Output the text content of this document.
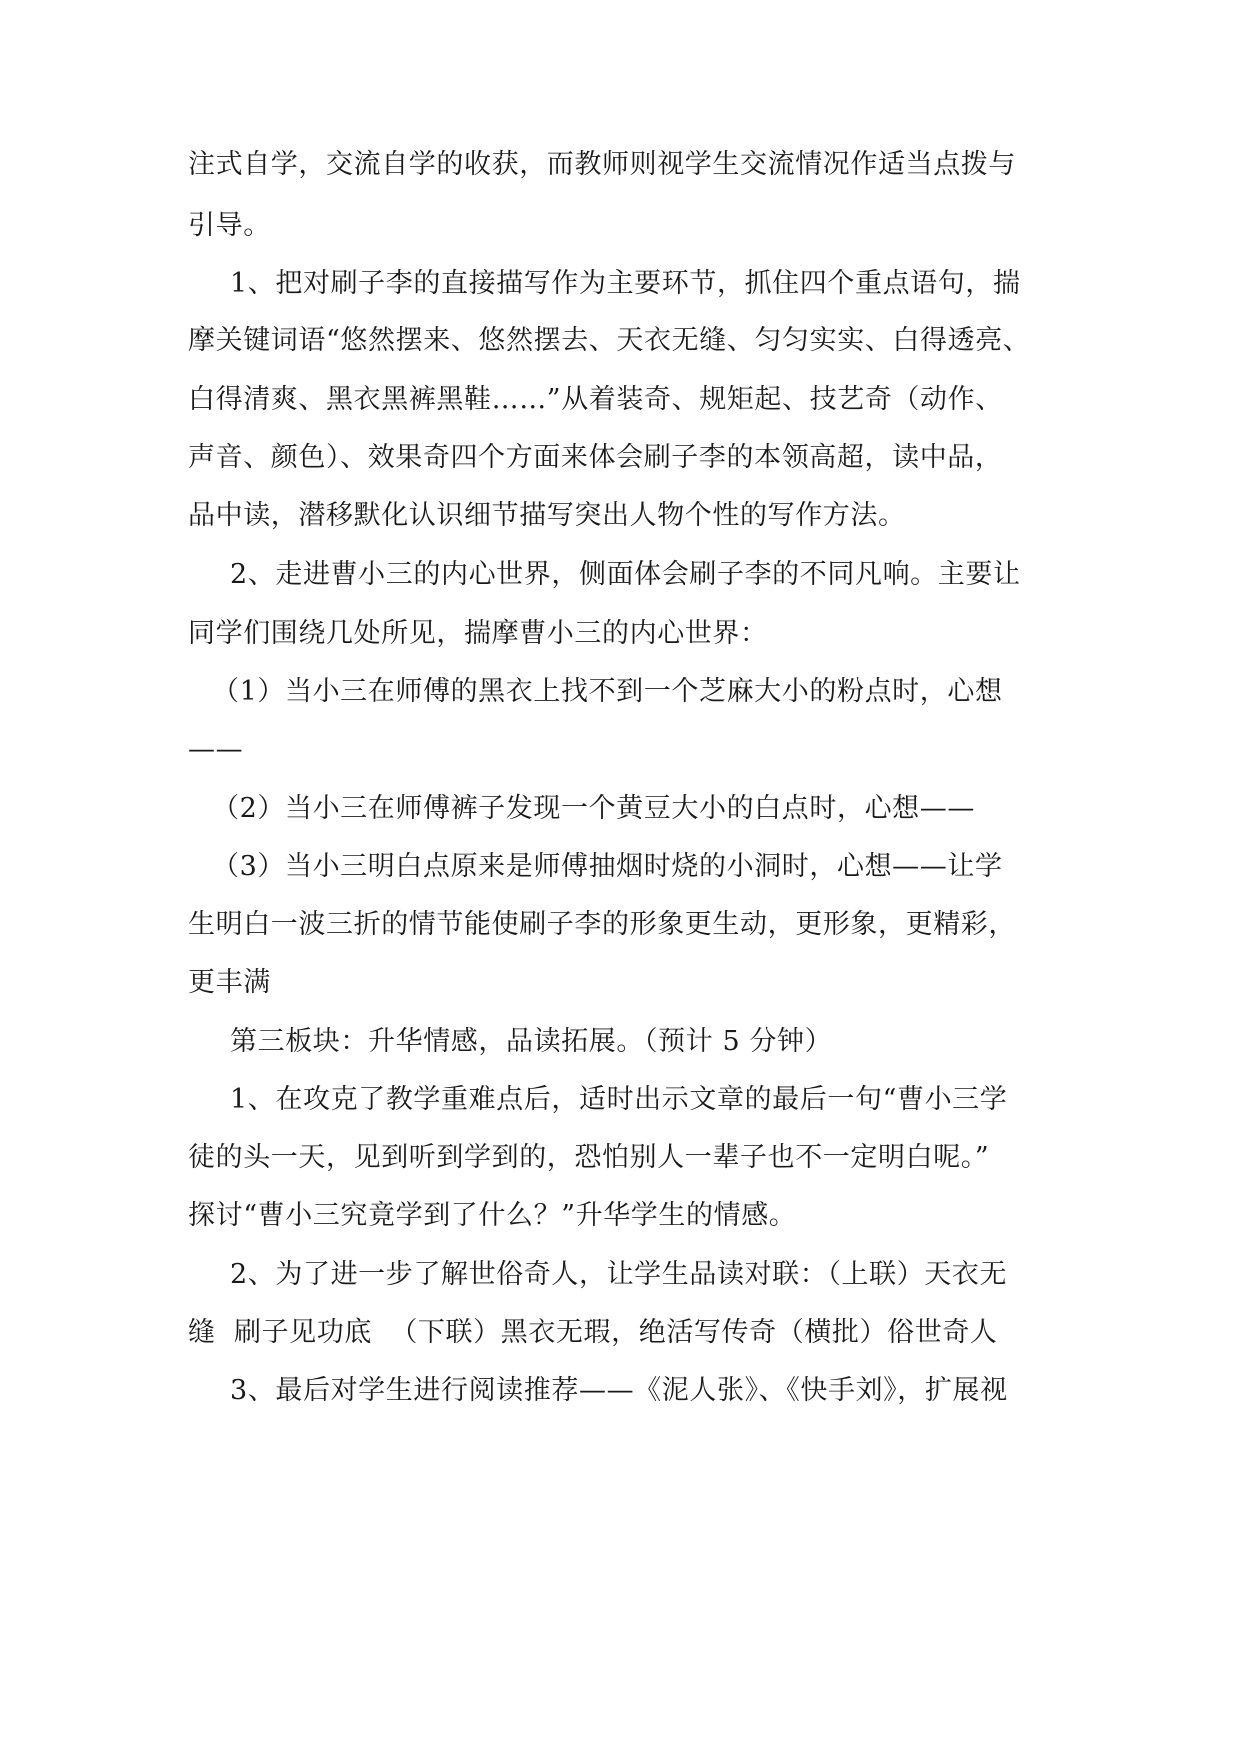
注式自学，交流自学的收获，而教师则视学生交流情况作适当点拨与
引导。
1、把对刷子李的直接描写作为主要环节，抓住四个重点语句，揣
摩关键词语“悠然摆来、悠然摆去、天衣无缝、匀匀实实、白得透亮、
白得清爽、黑衣黑裤黑鞋……”从着装奇、规矩起、技艺奇（动作、
声音、颜色）、效果奇四个方面来体会刷子李的本领高超，读中品，
品中读，潜移默化认识细节描写突出人物个性的写作方法。
2、走进曹小三的内心世界，侧面体会刷子李的不同凡响。主要让
同学们围绕几处所见，揣摩曹小三的内心世界：
（1）当小三在师傅的黑衣上找不到一个芝麻大小的粉点时，心想
——
（2）当小三在师傅裤子发现一个黄豆大小的白点时，心想——
（3）当小三明白点原来是师傅抽烟时烧的小洞时，心想——让学
生明白一波三折的情节能使刷子李的形象更生动，更形象，更精彩，
更丰满
第三板块：升华情感，品读拓展。（预计 5 分钟）
1、在攻克了教学重难点后，适时出示文章的最后一句“曹小三学
徒的头一天，见到听到学到的，恐怕别人一辈子也不一定明白呢。”
探讨“曹小三究竟学到了什么？”升华学生的情感。
2、为了进一步了解世俗奇人，让学生品读对联：（上联）天衣无
缝  刷子见功底  （下联）黑衣无瑕，绝活写传奇（横批）俗世奇人
3、最后对学生进行阅读推荐——《泥人张》、《快手刘》，扩展视
